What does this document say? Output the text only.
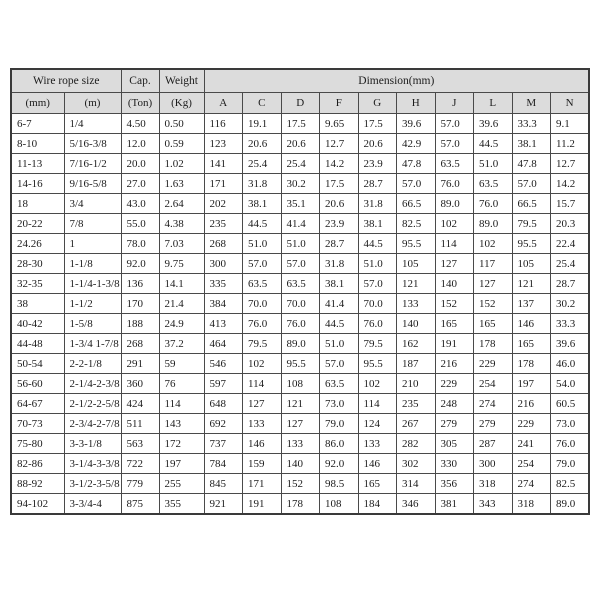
Wire rope size		Cap.	Weight	Dimension(mm)									
(mm)	(m)	(Ton)	(Kg)	A	C	D	F	G	H	J	L	M	N
6-7	1/4	4.50	0.50	116	19.1	17.5	9.65	17.5	39.6	57.0	39.6	33.3	9.1
8-10	5/16-3/8	12.0	0.59	123	20.6	20.6	12.7	20.6	42.9	57.0	44.5	38.1	11.2
11-13	7/16-1/2	20.0	1.02	141	25.4	25.4	14.2	23.9	47.8	63.5	51.0	47.8	12.7
14-16	9/16-5/8	27.0	1.63	171	31.8	30.2	17.5	28.7	57.0	76.0	63.5	57.0	14.2
18	3/4	43.0	2.64	202	38.1	35.1	20.6	31.8	66.5	89.0	76.0	66.5	15.7
20-22	7/8	55.0	4.38	235	44.5	41.4	23.9	38.1	82.5	102	89.0	79.5	20.3
24.26	1	78.0	7.03	268	51.0	51.0	28.7	44.5	95.5	114	102	95.5	22.4
28-30	1-1/8	92.0	9.75	300	57.0	57.0	31.8	51.0	105	127	117	105	25.4
32-35	1-1/4-1-3/8	136	14.1	335	63.5	63.5	38.1	57.0	121	140	127	121	28.7
38	1-1/2	170	21.4	384	70.0	70.0	41.4	70.0	133	152	152	137	30.2
40-42	1-5/8	188	24.9	413	76.0	76.0	44.5	76.0	140	165	165	146	33.3
44-48	1-3/4 1-7/8	268	37.2	464	79.5	89.0	51.0	79.5	162	191	178	165	39.6
50-54	2-2-1/8	291	59	546	102	95.5	57.0	95.5	187	216	229	178	46.0
56-60	2-1/4-2-3/8	360	76	597	114	108	63.5	102	210	229	254	197	54.0
64-67	2-1/2-2-5/8	424	114	648	127	121	73.0	114	235	248	274	216	60.5
70-73	2-3/4-2-7/8	511	143	692	133	127	79.0	124	267	279	279	229	73.0
75-80	3-3-1/8	563	172	737	146	133	86.0	133	282	305	287	241	76.0
82-86	3-1/4-3-3/8	722	197	784	159	140	92.0	146	302	330	300	254	79.0
88-92	3-1/2-3-5/8	779	255	845	171	152	98.5	165	314	356	318	274	82.5
94-102	3-3/4-4	875	355	921	191	178	108	184	346	381	343	318	89.0
